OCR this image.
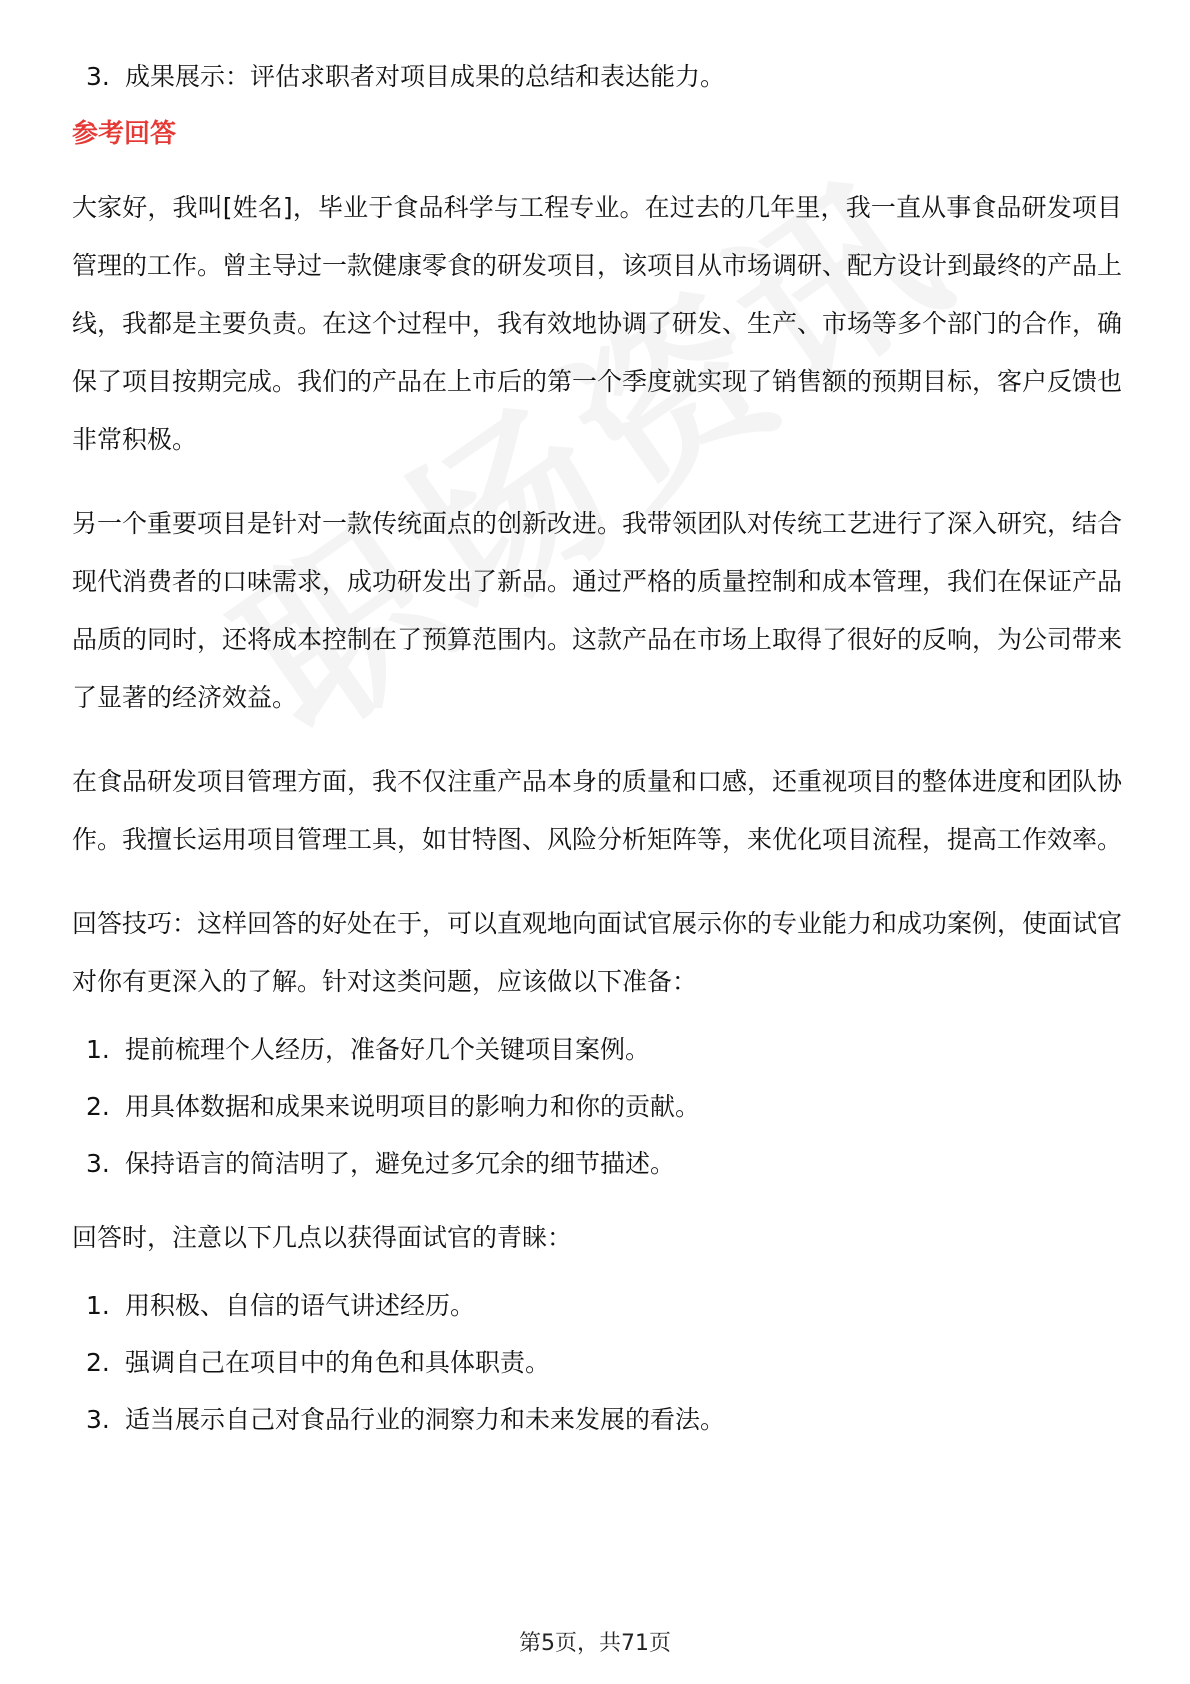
3. 成果展示：评估求职者对项目成果的总结和表达能力。
参考回答

大家好，我叫[姓名]，毕业于食品科学与工程专业。在过去的几年里，我一直从事食品研发项目管理的工作。曾主导过一款健康零食的研发项目，该项目从市场调研、配方设计到最终的产品上线，我都是主要负责。在这个过程中，我有效地协调了研发、生产、市场等多个部门的合作，确保了项目按期完成。我们的产品在上市后的第一个季度就实现了销售额的预期目标，客户反馈也非常积极。

另一个重要项目是针对一款传统面点的创新改进。我带领团队对传统工艺进行了深入研究，结合现代消费者的口味需求，成功研发出了新品。通过严格的质量控制和成本管理，我们在保证产品品质的同时，还将成本控制在了预算范围内。这款产品在市场上取得了很好的反响，为公司带来了显著的经济效益。

在食品研发项目管理方面，我不仅注重产品本身的质量和口感，还重视项目的整体进度和团队协作。我擅长运用项目管理工具，如甘特图、风险分析矩阵等，来优化项目流程，提高工作效率。

回答技巧：这样回答的好处在于，可以直观地向面试官展示你的专业能力和成功案例，使面试官对你有更深入的了解。针对这类问题，应该做以下准备：

1. 提前梳理个人经历，准备好几个关键项目案例。
2. 用具体数据和成果来说明项目的影响力和你的贡献。
3. 保持语言的简洁明了，避免过多冗余的细节描述。

回答时，注意以下几点以获得面试官的青睐：

1. 用积极、自信的语气讲述经历。
2. 强调自己在项目中的角色和具体职责。
3. 适当展示自己对食品行业的洞察力和未来发展的看法。
第5页，共71页
